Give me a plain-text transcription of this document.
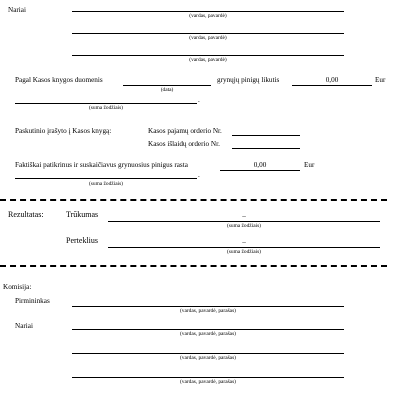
Nariai
(vardas, pavardė)
(vardas, pavardė)
(vardas, pavardė)
Pagal Kasos knygos duomenis
(data)
grynųjų pinigų likutis	0,00	Eur
.
(suma žodžiais)
Paskutinio įrašyto į Kasos knygą:	Kasos pajamų orderio Nr.
Kasos išlaidų orderio Nr.
Faktiškai patikrinus ir suskaičiavus grynuosius pinigus rasta	0,00	Eur
.
(suma žodžiais)
Rezultatas:	Trūkumas	–
(suma žodžiais)
Perteklius	–
(suma žodžiais)
Komisija:
Pirmininkas
(vardas, pavardė, parašas)
Nariai
(vardas, pavardė, parašas)
(vardas, pavardė, parašas)
(vardas, pavardė, parašas)
